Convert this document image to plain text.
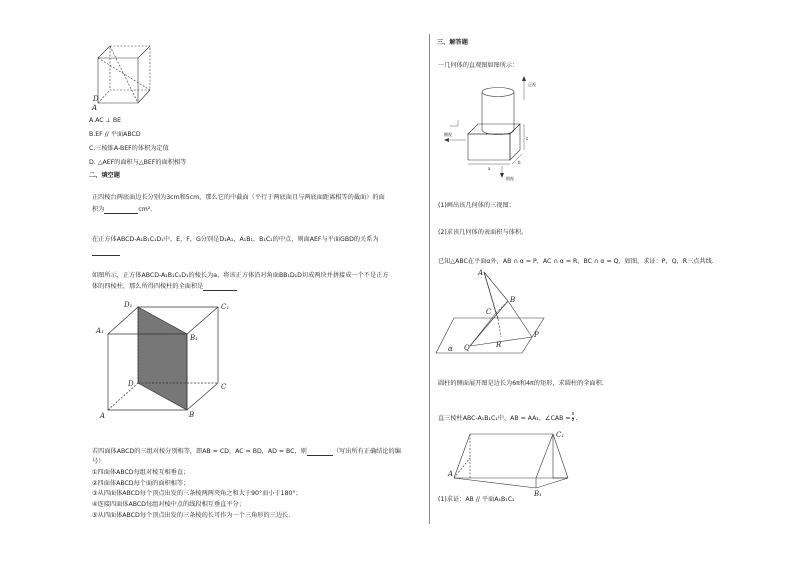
D
A
A.AC ⊥ BE
B.EF // 平面ABCD
C.三棱锥A-BEF的体积为定值
D. △AEF的面积与△BEF的面积相等
二、填空题
正四棱台两底面边长分别为3cm和5cm，那么它的中截面（平行于两底面且与两底面距离相等的截面）的面
积为	cm².
在正方体ABCD-A₁B₁C₁D₁中，E，F，G分别是D₁A₁，A₁B₁，B₁C₁的中点，则面AEF与平面GBD的关系为
如图所示，正方体ABCD-A₁B₁C₁D₁的棱长为a，将该正方体沿对角面BB₁D₁D切成两块并拼接成一个不是正方
体的四棱柱，那么所得四棱柱的全面积是
D₁	C₁
A₁
B₁
D	C
A	B
若四面体ABCD的三组对棱分别相等，即AB = CD，AC = BD，AD = BC，则	（写出所有正确结论的编
号）
①四面体ABCD每组对棱互相垂直；
②四面体ABCD每个面的面积相等；
③从四面体ABCD每个顶点出发的三条棱两两夹角之和大于90°而小于180°；
④连接四面体ABCD每组对棱中点的线段相互垂直平分；
⑤从四面体ABCD每个顶点出发的三条棱的长可作为一个三角形的三边长.
三、解答题
一几何体的直观图如图所示：
正视
侧视
俯视
a
b
c
(1)画出该几何体的三视图；
(2)求该几何体的表面积与体积。
已知△ABC在平面α外，AB ∩ α = P，AC ∩ α = R，BC ∩ α = Q，如图，求证：P，Q，R三点共线.
A
B
C
R
P
Q
α
圆柱的侧面展开图是边长为6π和4π的矩形，求圆柱的全面积.
直三棱柱ABC-A₁B₁C₁中，AB = AA₁，∠CAB = $\frac{\pi}{2}$ .
A
C₁
B₁
(1)求证：AB // 平面A₁B₁C₁
